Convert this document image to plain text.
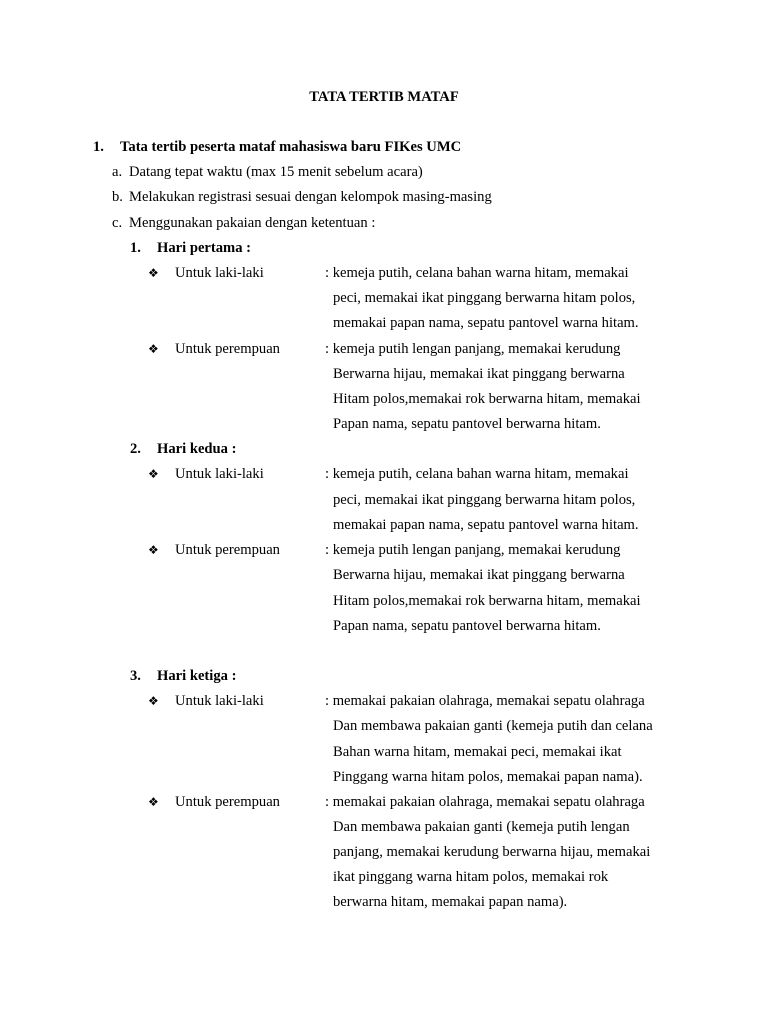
TATA TERTIB MATAF
1. Tata tertib peserta mataf mahasiswa baru FIKes UMC
a. Datang tepat waktu (max 15 menit sebelum acara)
b. Melakukan registrasi sesuai dengan kelompok masing-masing
c. Menggunakan pakaian dengan ketentuan :
1. Hari pertama :
❖ Untuk laki-laki	: kemeja putih, celana bahan warna hitam, memakai
peci, memakai ikat pinggang berwarna hitam polos,
memakai papan nama, sepatu pantovel warna hitam.
❖ Untuk perempuan	: kemeja putih lengan panjang, memakai kerudung
Berwarna hijau, memakai ikat pinggang berwarna
Hitam polos,memakai rok berwarna hitam, memakai
Papan nama, sepatu pantovel berwarna hitam.
2. Hari kedua :
❖ Untuk laki-laki	: kemeja putih, celana bahan warna hitam, memakai
peci, memakai ikat pinggang berwarna hitam polos,
memakai papan nama, sepatu pantovel warna hitam.
❖ Untuk perempuan	: kemeja putih lengan panjang, memakai kerudung
Berwarna hijau, memakai ikat pinggang berwarna
Hitam polos,memakai rok berwarna hitam, memakai
Papan nama, sepatu pantovel berwarna hitam.
3. Hari ketiga :
❖ Untuk laki-laki	: memakai pakaian olahraga, memakai sepatu olahraga
Dan membawa pakaian ganti (kemeja putih dan celana
Bahan warna hitam, memakai peci, memakai ikat
Pinggang warna hitam polos, memakai papan nama).
❖ Untuk perempuan	: memakai pakaian olahraga, memakai sepatu olahraga
Dan membawa pakaian ganti (kemeja putih lengan
panjang, memakai kerudung berwarna hijau, memakai
ikat pinggang warna hitam polos, memakai rok
berwarna hitam, memakai papan nama).
